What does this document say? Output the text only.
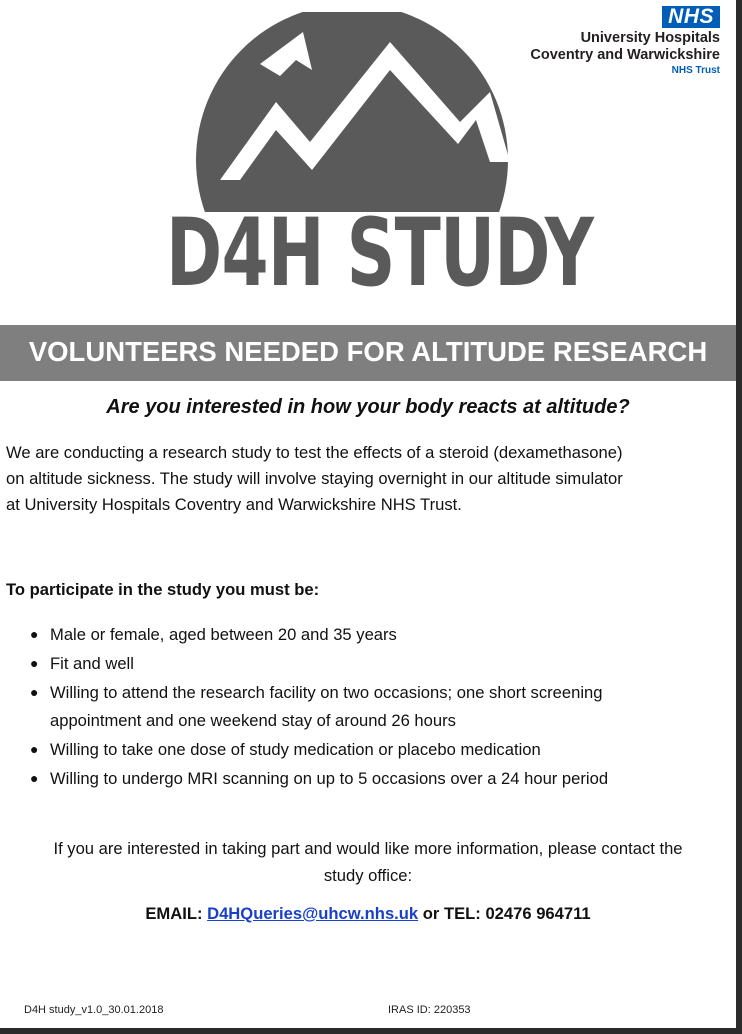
NHS
University Hospitals
Coventry and Warwickshire
NHS Trust
D4H STUDY
VOLUNTEERS NEEDED FOR ALTITUDE RESEARCH
Are you interested in how your body reacts at altitude?
We are conducting a research study to test the effects of a steroid (dexamethasone)
on altitude sickness. The study will involve staying overnight in our altitude simulator
at University Hospitals Coventry and Warwickshire NHS Trust.
To participate in the study you must be:
● Male or female, aged between 20 and 35 years
● Fit and well
● Willing to attend the research facility on two occasions; one short screening
appointment and one weekend stay of around 26 hours
● Willing to take one dose of study medication or placebo medication
● Willing to undergo MRI scanning on up to 5 occasions over a 24 hour period
If you are interested in taking part and would like more information, please contact the
study office:
EMAIL: D4HQueries@uhcw.nhs.uk or TEL: 02476 964711
D4H study_v1.0_30.01.2018	IRAS ID: 220353
